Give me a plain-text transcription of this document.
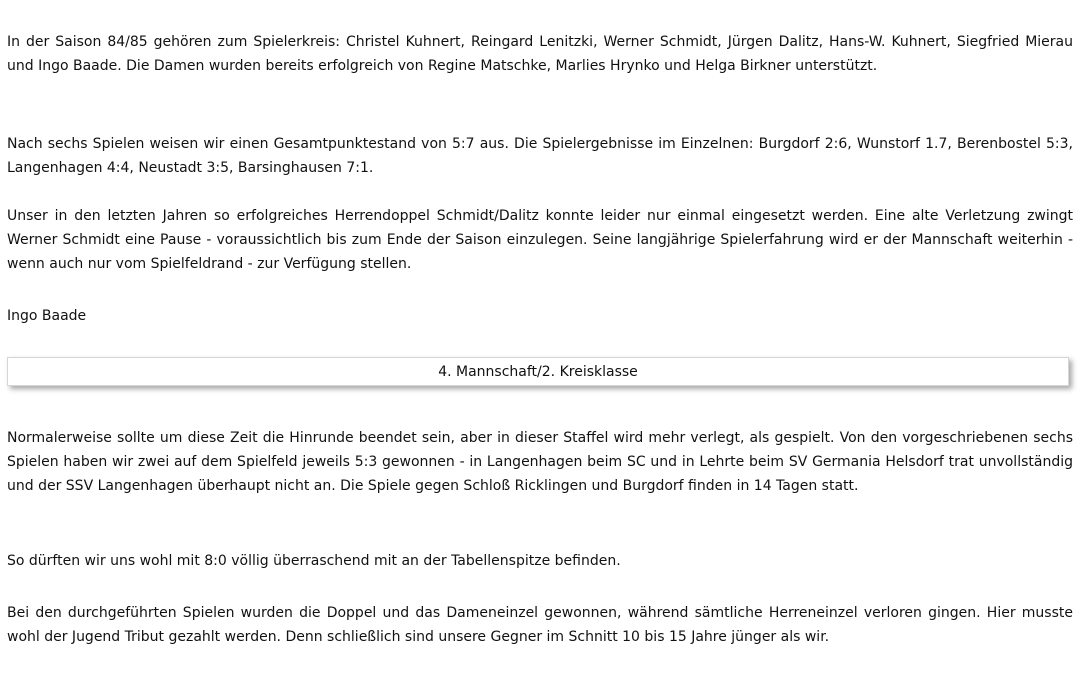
In der Saison 84/85 gehören zum Spielerkreis: Christel Kuhnert, Reingard Lenitzki, Werner Schmidt, Jürgen Dalitz, Hans-W. Kuhnert, Siegfried Mierau und Ingo Baade. Die Damen wurden bereits erfolgreich von Regine Matschke, Marlies Hrynko und Helga Birkner unterstützt.

Nach sechs Spielen weisen wir einen Gesamtpunktestand von 5:7 aus. Die Spielergebnisse im Einzelnen: Burgdorf 2:6, Wunstorf 1.7, Berenbostel 5:3, Langenhagen 4:4, Neustadt 3:5, Barsinghausen 7:1.

Unser in den letzten Jahren so erfolgreiches Herrendoppel Schmidt/Dalitz konnte leider nur einmal eingesetzt werden. Eine alte Verletzung zwingt Werner Schmidt eine Pause - voraussichtlich bis zum Ende der Saison einzulegen. Seine langjährige Spielerfahrung wird er der Mannschaft weiterhin - wenn auch nur vom Spielfeldrand - zur Verfügung stellen.

Ingo Baade

4. Mannschaft/2. Kreisklasse

Normalerweise sollte um diese Zeit die Hinrunde beendet sein, aber in dieser Staffel wird mehr verlegt, als gespielt. Von den vorgeschriebenen sechs Spielen haben wir zwei auf dem Spielfeld jeweils 5:3 gewonnen - in Langenhagen beim SC und in Lehrte beim SV Germania Helsdorf trat unvollständig und der SSV Langenhagen überhaupt nicht an. Die Spiele gegen Schloß Ricklingen und Burgdorf finden in 14 Tagen statt.

So dürften wir uns wohl mit 8:0 völlig überraschend mit an der Tabellenspitze befinden.

Bei den durchgeführten Spielen wurden die Doppel und das Dameneinzel gewonnen, während sämtliche Herreneinzel verloren gingen. Hier musste wohl der Jugend Tribut gezahlt werden. Denn schließlich sind unsere Gegner im Schnitt 10 bis 15 Jahre jünger als wir.
